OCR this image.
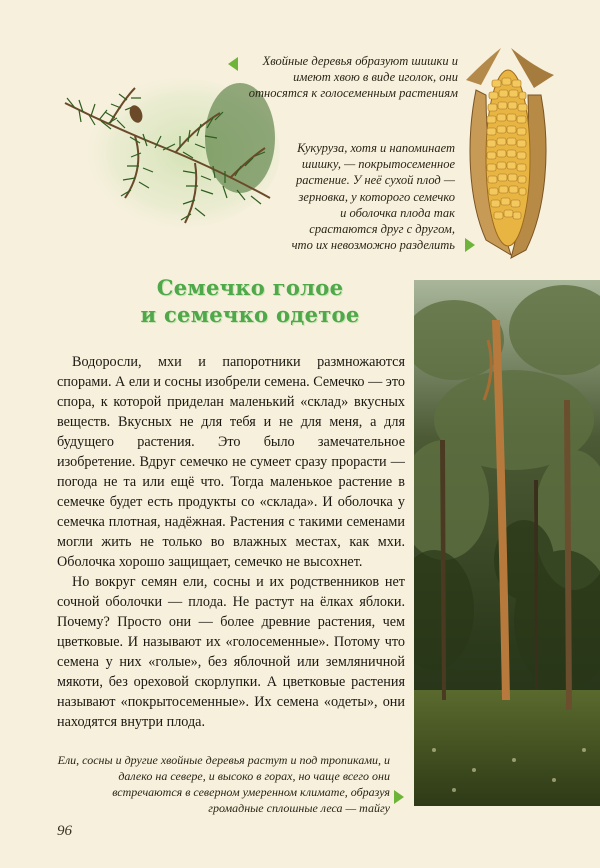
Хвойные деревья образуют шишки и имеют хвою в виде иголок, они относятся к голосеменным растениям
Кукуруза, хотя и напоминает шишку, — покрытосеменное растение. У неё сухой плод — зерновка, у которого семечко и оболочка плода так срастаются друг с другом, что их невозможно разделить
Семечко голое
и семечко одетое

Водоросли, мхи и папоротники размножаются спорами. А ели и сосны изобрели семена. Семечко — это спора, к которой приделан маленький «склад» вкусных веществ. Вкусных не для тебя и не для меня, а для будущего растения. Это было замечательное изобретение. Вдруг семечко не сумеет сразу прорасти — погода не та или ещё что. Тогда маленькое растение в семечке будет есть продукты со «склада». И оболочка у семечка плотная, надёжная. Растения с такими семенами могли жить не только во влажных местах, как мхи. Оболочка хорошо защищает, семечко не высохнет.

Но вокруг семян ели, сосны и их родственников нет сочной оболочки — плода. Не растут на ёлках яблоки. Почему? Просто они — более древние растения, чем цветковые. И называют их «голосеменные». Потому что семена у них «голые», без яблочной или земляничной мякоти, без ореховой скорлупки. А цветковые растения называют «покрытосеменные». Их семена «одеты», они находятся внутри плода.

Ели, сосны и другие хвойные деревья растут и под тропиками, и далеко на севере, и высоко в горах, но чаще всего они встречаются в северном умеренном климате, образуя громадные сплошные леса — тайгу
96
